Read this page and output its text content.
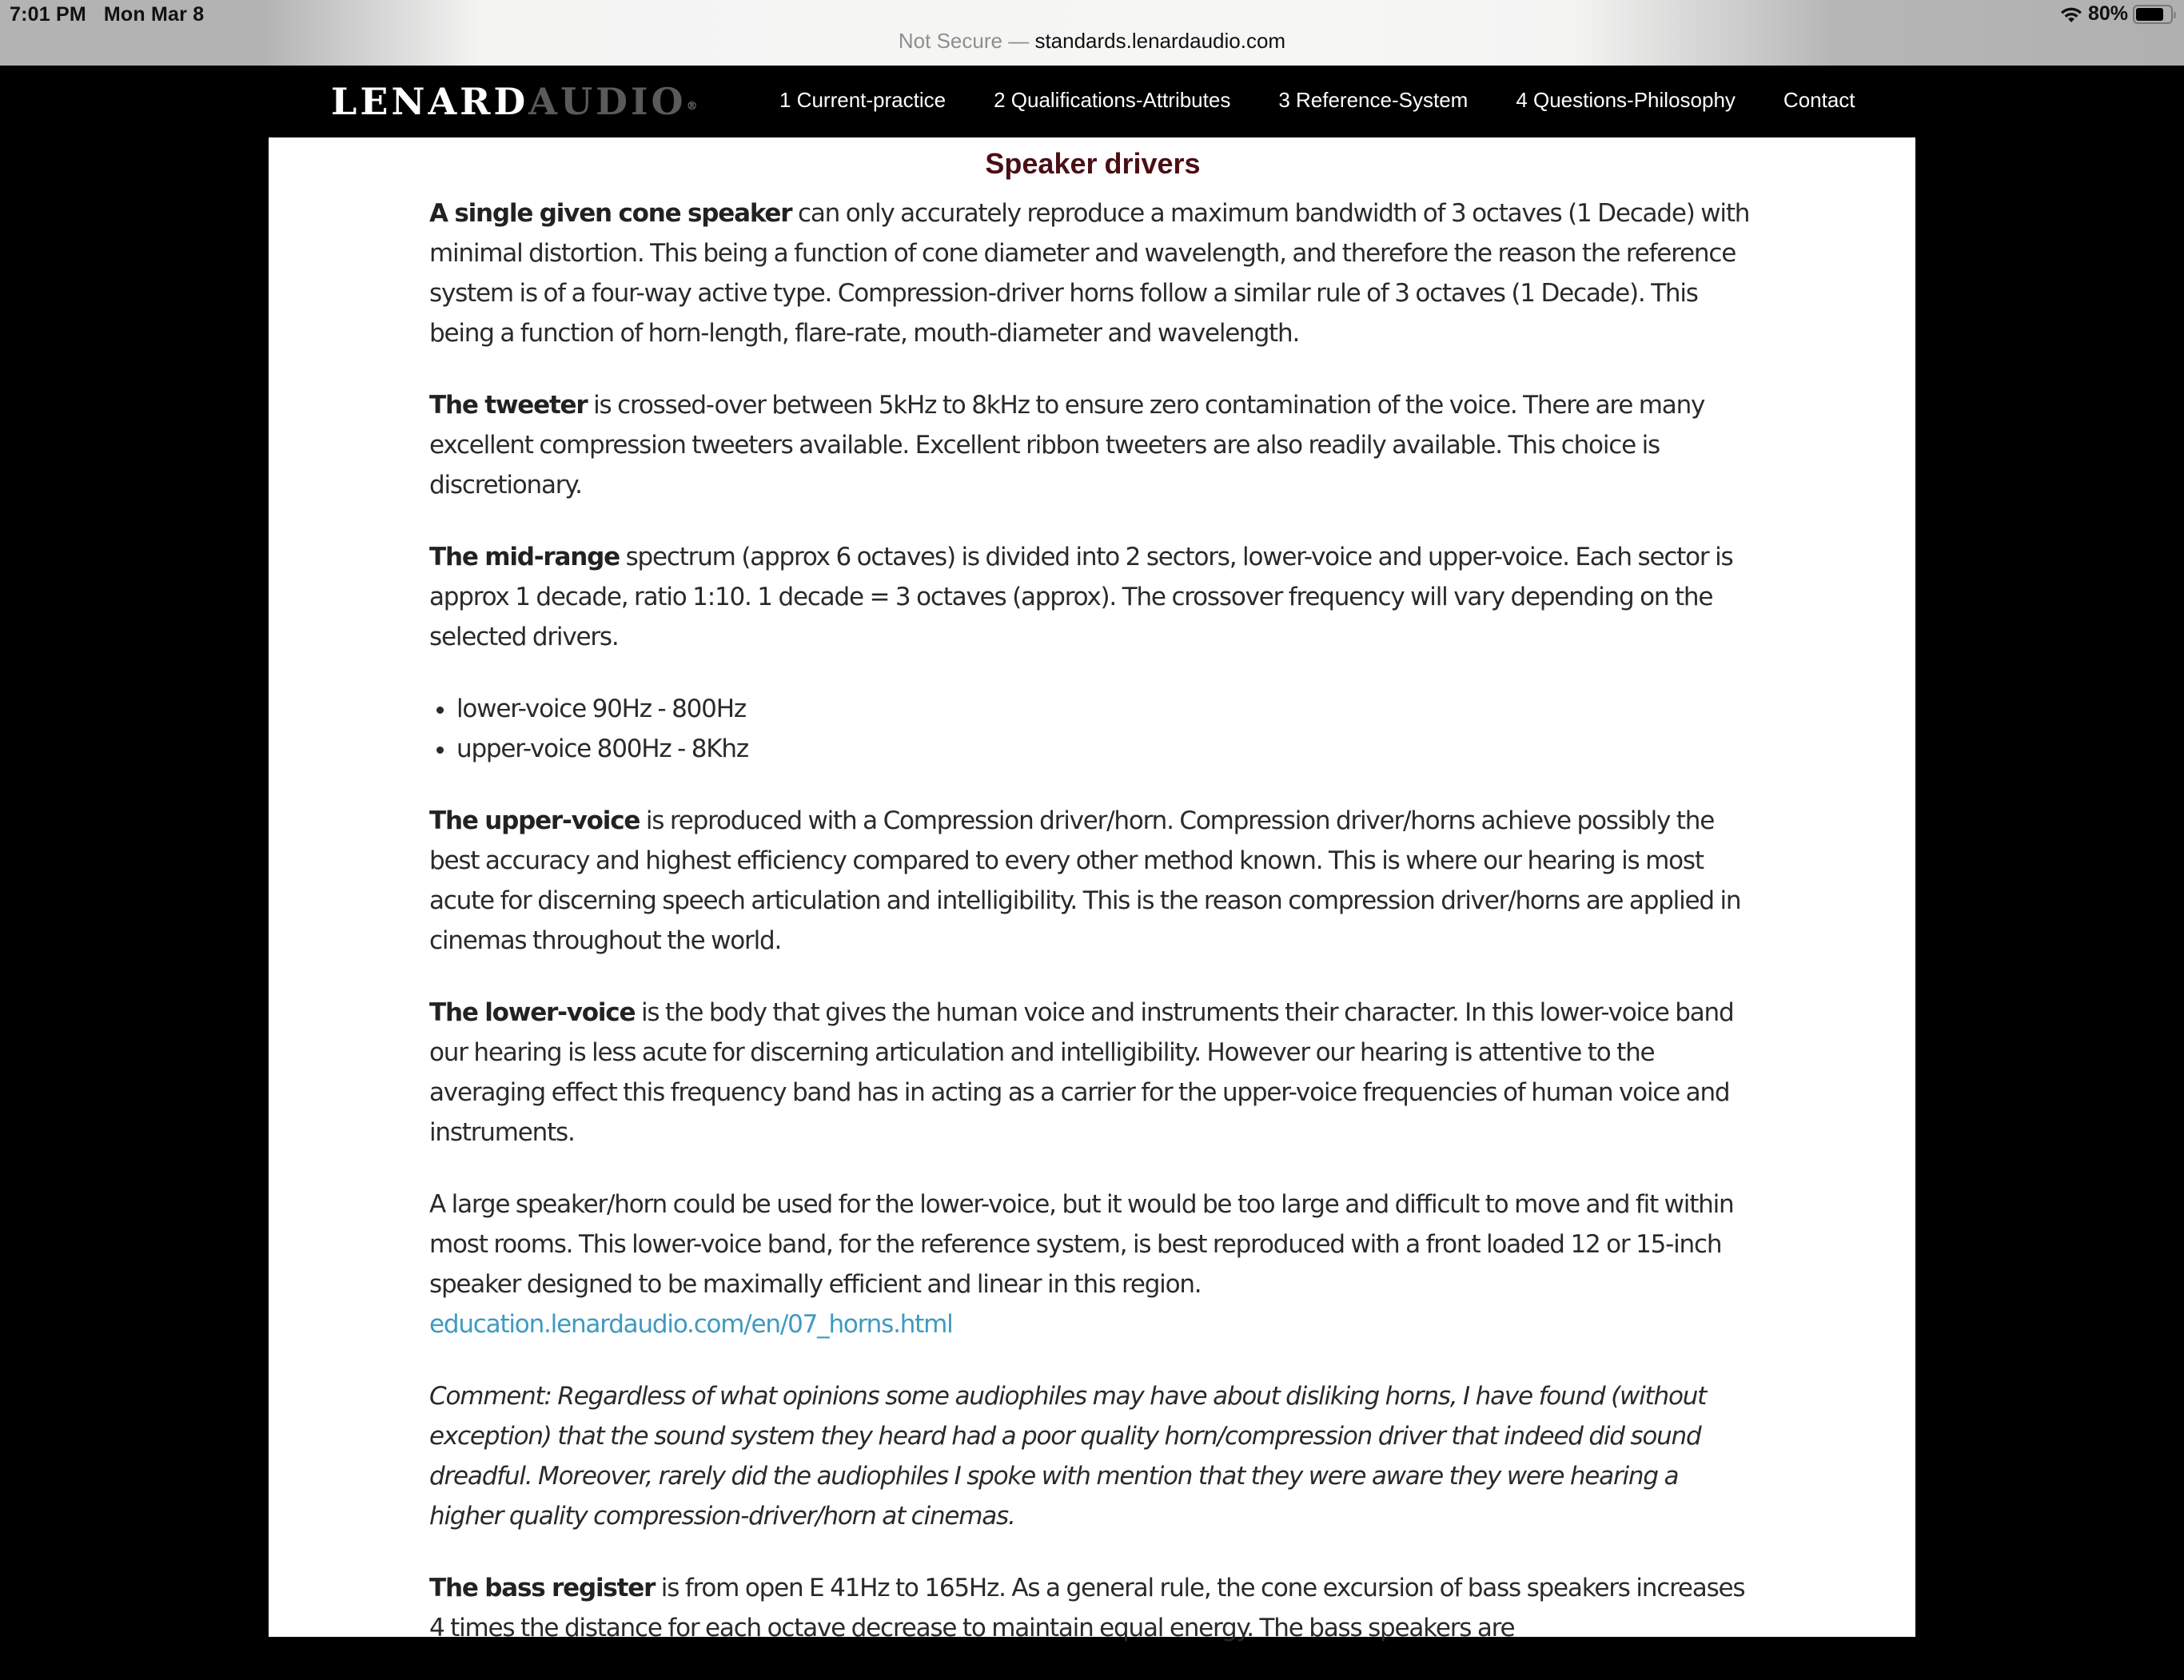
7:01 PM Mon Mar 8	80%
Not Secure — standards.lenardaudio.com
LENARDAUDIO®	1 Current-practice 2 Qualifications-Attributes 3 Reference-System 4 Questions-Philosophy Contact
Speaker drivers

A single given cone speaker can only accurately reproduce a maximum bandwidth of 3 octaves (1 Decade) with minimal distortion. This being a function of cone diameter and wavelength, and therefore the reason the reference system is of a four-way active type. Compression-driver horns follow a similar rule of 3 octaves (1 Decade). This being a function of horn-length, flare-rate, mouth-diameter and wavelength.

The tweeter is crossed-over between 5kHz to 8kHz to ensure zero contamination of the voice. There are many excellent compression tweeters available. Excellent ribbon tweeters are also readily available. This choice is discretionary.

The mid-range spectrum (approx 6 octaves) is divided into 2 sectors, lower-voice and upper-voice. Each sector is approx 1 decade, ratio 1:10. 1 decade = 3 octaves (approx). The crossover frequency will vary depending on the selected drivers.

• lower-voice 90Hz - 800Hz
• upper-voice 800Hz - 8Khz

The upper-voice is reproduced with a Compression driver/horn. Compression driver/horns achieve possibly the best accuracy and highest efficiency compared to every other method known. This is where our hearing is most acute for discerning speech articulation and intelligibility. This is the reason compression driver/horns are applied in cinemas throughout the world.

The lower-voice is the body that gives the human voice and instruments their character. In this lower-voice band our hearing is less acute for discerning articulation and intelligibility. However our hearing is attentive to the averaging effect this frequency band has in acting as a carrier for the upper-voice frequencies of human voice and instruments.

A large speaker/horn could be used for the lower-voice, but it would be too large and difficult to move and fit within most rooms. This lower-voice band, for the reference system, is best reproduced with a front loaded 12 or 15-inch speaker designed to be maximally efficient and linear in this region.
education.lenardaudio.com/en/07_horns.html

Comment: Regardless of what opinions some audiophiles may have about disliking horns, I have found (without exception) that the sound system they heard had a poor quality horn/compression driver that indeed did sound dreadful. Moreover, rarely did the audiophiles I spoke with mention that they were aware they were hearing a higher quality compression-driver/horn at cinemas.

The bass register is from open E 41Hz to 165Hz. As a general rule, the cone excursion of bass speakers increases 4 times the distance for each octave decrease to maintain equal energy. The bass speakers are
